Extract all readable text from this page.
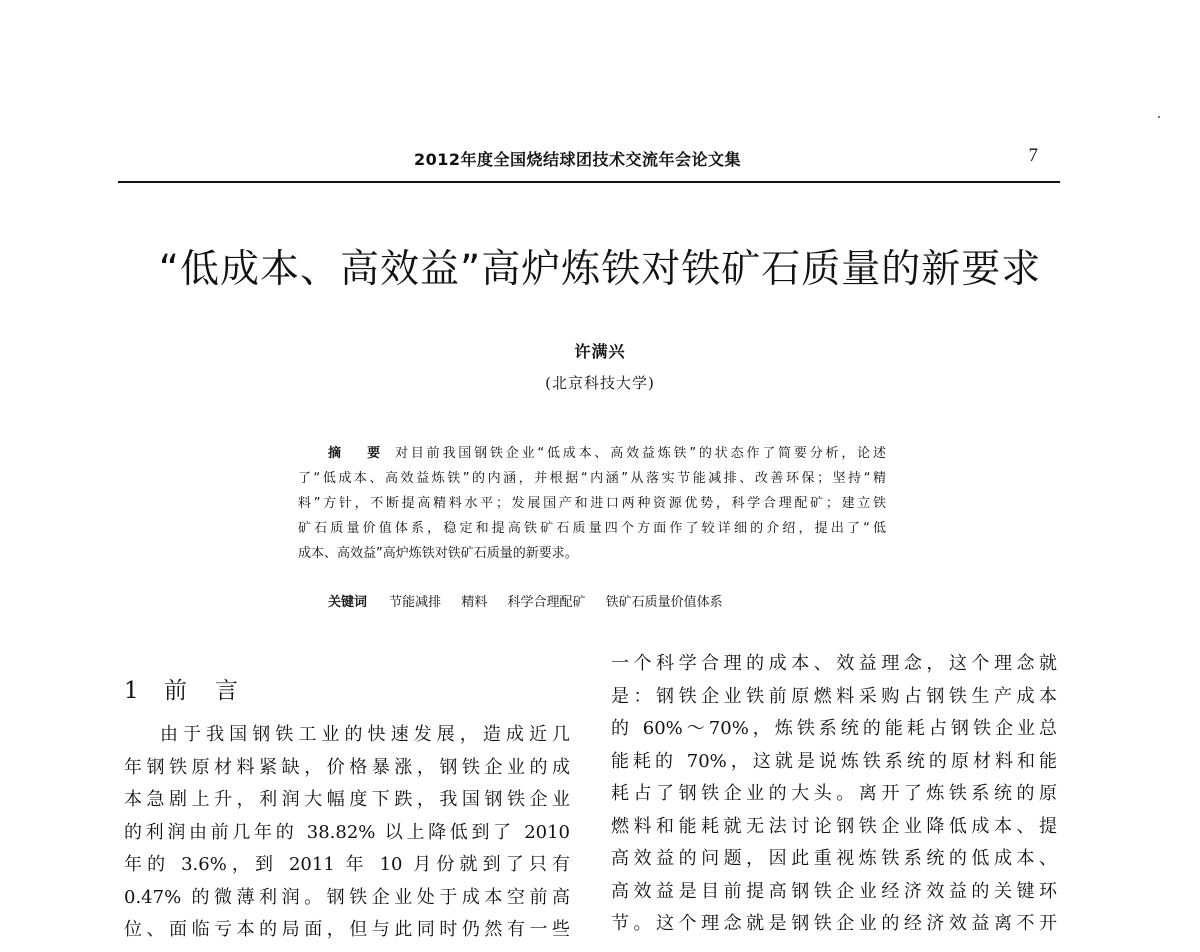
2012年度全国烧结球团技术交流年会论文集	7
“低成本、高效益”高炉炼铁对铁矿石质量的新要求
许满兴
(北京科技大学)
摘 要 对目前我国钢铁企业“低成本、高效益炼铁”的状态作了简要分析，论述
了“低成本、高效益炼铁”的内涵，并根据“内涵”从落实节能减排、改善环保；坚持“精
料”方针，不断提高精料水平；发展国产和进口两种资源优势，科学合理配矿；建立铁
矿石质量价值体系，稳定和提高铁矿石质量四个方面作了较详细的介绍，提出了“低
成本、高效益”高炉炼铁对铁矿石质量的新要求。
关键词 节能减排 精料 科学合理配矿 铁矿石质量价值体系
1 前言
由于我国钢铁工业的快速发展，造成近几
年钢铁原材料紧缺，价格暴涨，钢铁企业的成
本急剧上升，利润大幅度下跌，我国钢铁企业
的利润由前几年的 38.82% 以上降低到了 2010
年的 3.6%，到 2011 年 10 月份就到了只有
0.47% 的微薄利润。钢铁企业处于成本空前高
位、面临亏本的局面，但与此同时仍然有一些
一个科学合理的成本、效益理念，这个理念就
是：钢铁企业铁前原燃料采购占钢铁生产成本
的 60%～70%，炼铁系统的能耗占钢铁企业总
能耗的 70%，这就是说炼铁系统的原材料和能
耗占了钢铁企业的大头。离开了炼铁系统的原
燃料和能耗就无法讨论钢铁企业降低成本、提
高效益的问题，因此重视炼铁系统的低成本、
高效益是目前提高钢铁企业经济效益的关键环
节。这个理念就是钢铁企业的经济效益离不开
